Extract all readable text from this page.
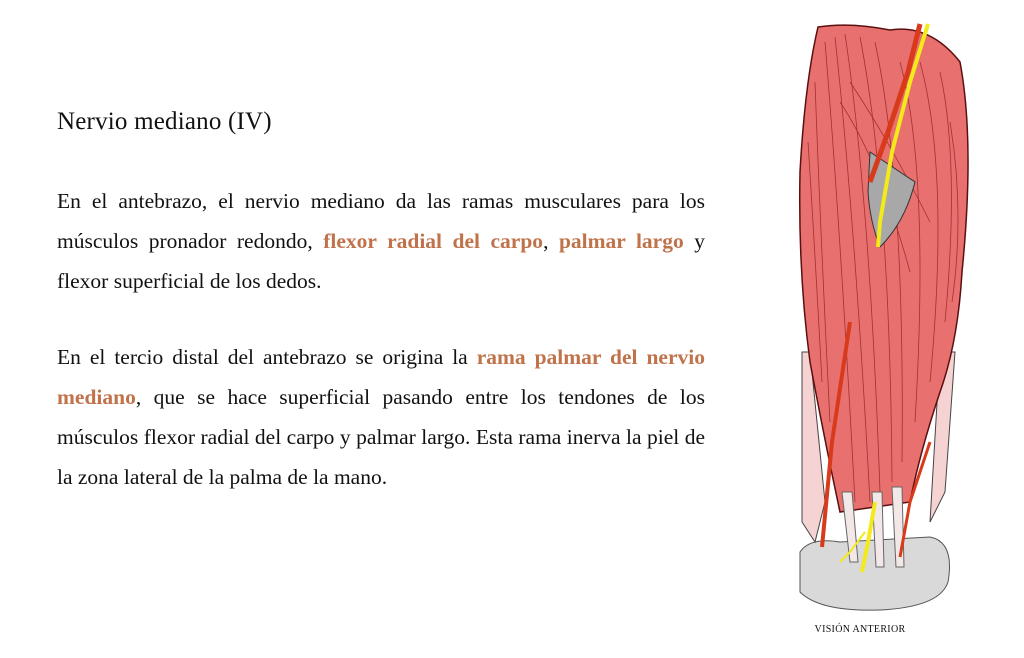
Nervio mediano (IV)

En el antebrazo, el nervio mediano da las ramas musculares para los músculos pronador redondo, flexor radial del carpo, palmar largo y flexor superficial de los dedos.

En el tercio distal del antebrazo se origina la rama palmar del nervio mediano, que se hace superficial pasando entre los tendones de los músculos flexor radial del carpo y palmar largo. Esta rama inerva la piel de la zona lateral de la palma de la mano.

VISIÓN ANTERIOR
